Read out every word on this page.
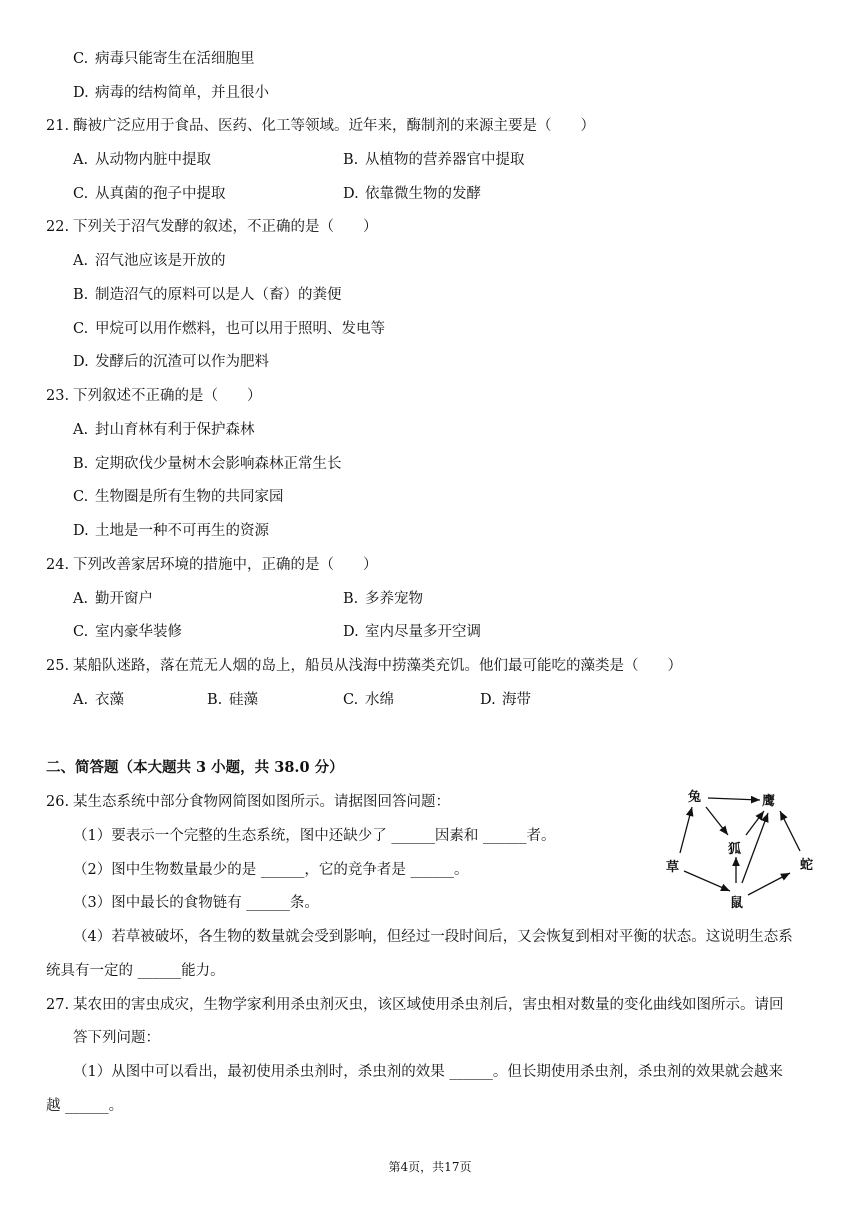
C. 病毒只能寄生在活细胞里
D. 病毒的结构简单，并且很小
21. 酶被广泛应用于食品、医药、化工等领域。近年来，酶制剂的来源主要是（　　）
A. 从动物内脏中提取	B. 从植物的营养器官中提取
C. 从真菌的孢子中提取	D. 依靠微生物的发酵
22. 下列关于沼气发酵的叙述，不正确的是（　　）
A. 沼气池应该是开放的
B. 制造沼气的原料可以是人（畜）的粪便
C. 甲烷可以用作燃料，也可以用于照明、发电等
D. 发酵后的沉渣可以作为肥料
23. 下列叙述不正确的是（　　）
A. 封山育林有利于保护森林
B. 定期砍伐少量树木会影响森林正常生长
C. 生物圈是所有生物的共同家园
D. 土地是一种不可再生的资源
24. 下列改善家居环境的措施中，正确的是（　　）
A. 勤开窗户	B. 多养宠物
C. 室内豪华装修	D. 室内尽量多开空调
25. 某船队迷路，落在荒无人烟的岛上，船员从浅海中捞藻类充饥。他们最可能吃的藻类是（　　）
A. 衣藻	B. 硅藻	C. 水绵	D. 海带
二、简答题（本大题共 3 小题，共 38.0 分）
26. 某生态系统中部分食物网简图如图所示。请据图回答问题：
（1）要表示一个完整的生态系统，图中还缺少了 ______因素和 ______者。
（2）图中生物数量最少的是 ______，它的竞争者是 ______。
（3）图中最长的食物链有 ______条。
（4）若草被破坏，各生物的数量就会受到影响，但经过一段时间后，又会恢复到相对平衡的状态。这说明生态系
统具有一定的 ______能力。
兔	鹰
狐
草	蛇
鼠
27. 某农田的害虫成灾，生物学家利用杀虫剂灭虫，该区域使用杀虫剂后，害虫相对数量的变化曲线如图所示。请回
答下列问题：
（1）从图中可以看出，最初使用杀虫剂时，杀虫剂的效果 ______。但长期使用杀虫剂，杀虫剂的效果就会越来
越 ______。
第4页，共17页
